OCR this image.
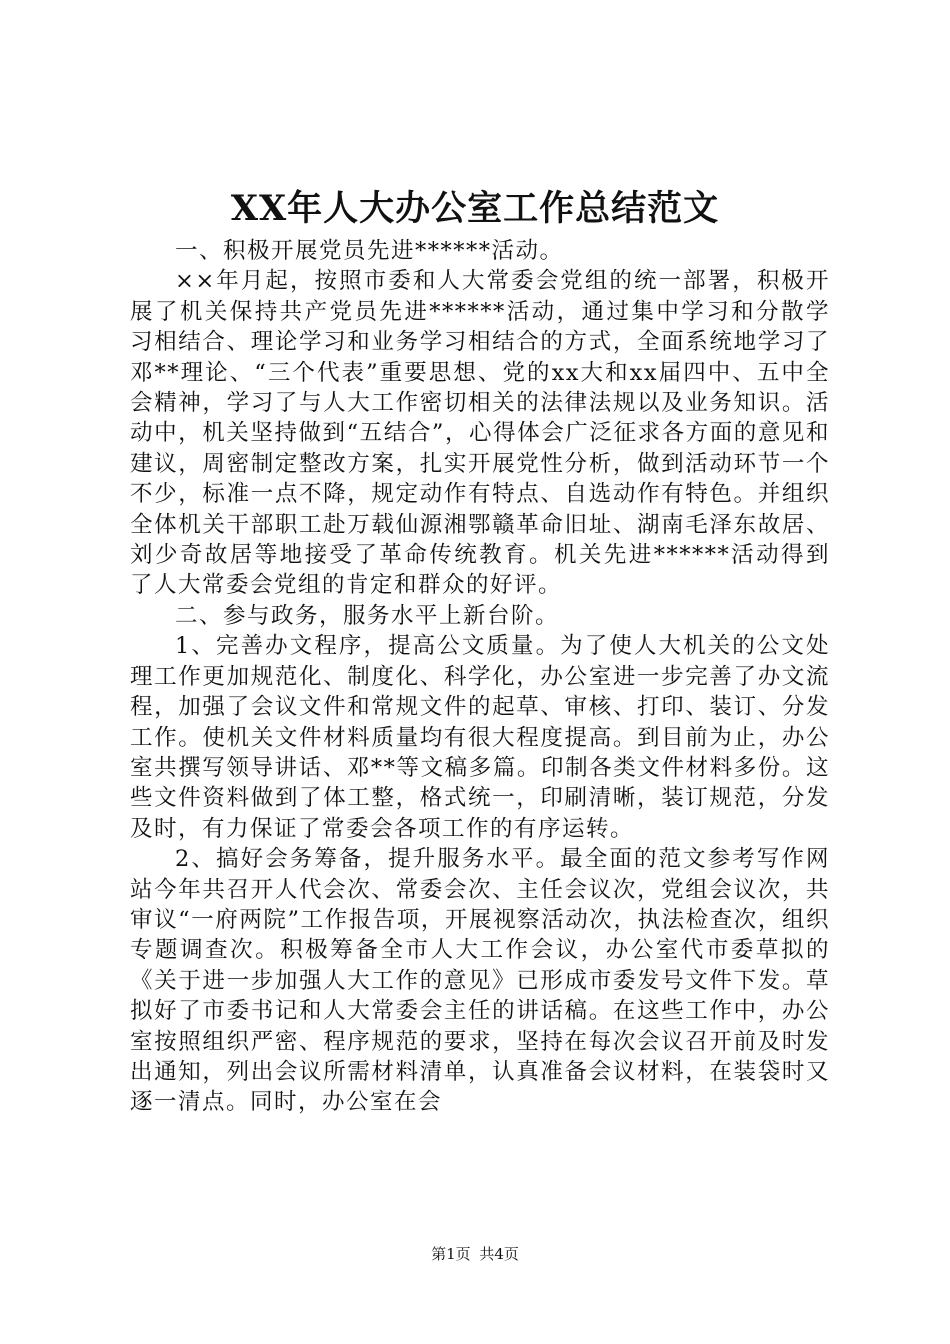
XX年人大办公室工作总结范文

一、积极开展党员先进******活动。

××年月起，按照市委和人大常委会党组的统一部署，积极开展了机关保持共产党员先进******活动，通过集中学习和分散学习相结合、理论学习和业务学习相结合的方式，全面系统地学习了邓**理论、“三个代表”重要思想、党的xx大和xx届四中、五中全会精神，学习了与人大工作密切相关的法律法规以及业务知识。活动中，机关坚持做到“五结合”，心得体会广泛征求各方面的意见和建议，周密制定整改方案，扎实开展党性分析，做到活动环节一个不少，标准一点不降，规定动作有特点、自选动作有特色。并组织全体机关干部职工赴万载仙源湘鄂赣革命旧址、湖南毛泽东故居、刘少奇故居等地接受了革命传统教育。机关先进******活动得到了人大常委会党组的肯定和群众的好评。

二、参与政务，服务水平上新台阶。

1、完善办文程序，提高公文质量。为了使人大机关的公文处理工作更加规范化、制度化、科学化，办公室进一步完善了办文流程，加强了会议文件和常规文件的起草、审核、打印、装订、分发工作。使机关文件材料质量均有很大程度提高。到目前为止，办公室共撰写领导讲话、邓**等文稿多篇。印制各类文件材料多份。这些文件资料做到了体工整，格式统一，印刷清晰，装订规范，分发及时，有力保证了常委会各项工作的有序运转。

2、搞好会务筹备，提升服务水平。最全面的范文参考写作网站今年共召开人代会次、常委会次、主任会议次，党组会议次，共审议“一府两院”工作报告项，开展视察活动次，执法检查次，组织专题调查次。积极筹备全市人大工作会议，办公室代市委草拟的《关于进一步加强人大工作的意见》已形成市委发号文件下发。草拟好了市委书记和人大常委会主任的讲话稿。在这些工作中，办公室按照组织严密、程序规范的要求，坚持在每次会议召开前及时发出通知，列出会议所需材料清单，认真准备会议材料，在装袋时又逐一清点。同时，办公室在会

第1页 共4页
